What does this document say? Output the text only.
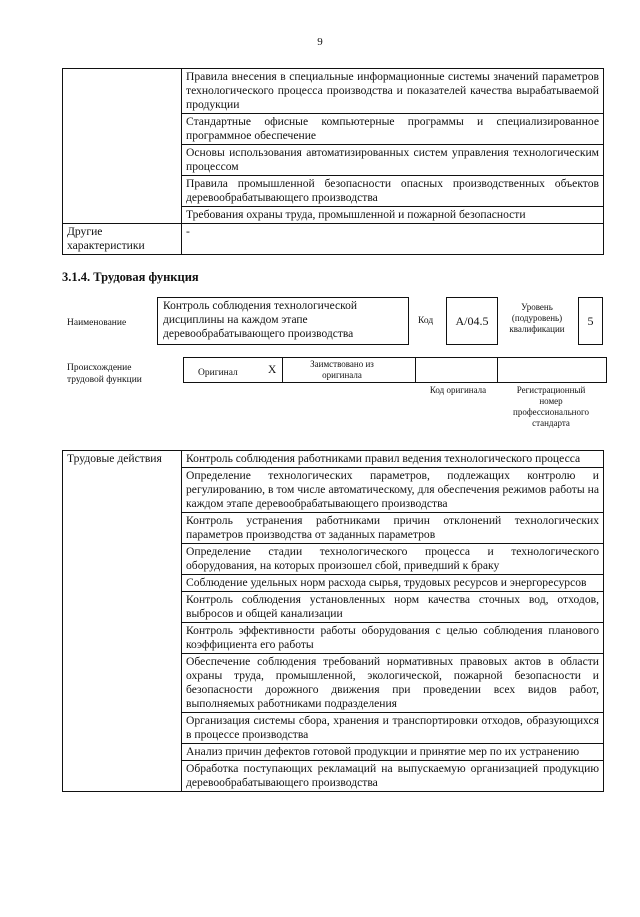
9
	Правила внесения в специальные информационные системы значений параметров технологического процесса производства и показателей качества вырабатываемой продукции
	Стандартные офисные компьютерные программы и специализированное программное обеспечение
	Основы использования автоматизированных систем управления технологическим процессом
	Правила промышленной безопасности опасных производственных объектов деревообрабатывающего производства
	Требования охраны труда, промышленной и пожарной безопасности
Другие характеристики	-
3.1.4. Трудовая функция
Наименование
Контроль соблюдения технологической дисциплины на каждом этапе деревообрабатывающего производства
Код	А/04.5
Уровень (подуровень) квалификации
5
Происхождение трудовой функции
Оригинал	Х	Заимствовано из оригинала
Код оригинала	Регистрационный номер профессионального стандарта
Трудовые действия	Контроль соблюдения работниками правил ведения технологического процесса
Определение технологических параметров, подлежащих контролю и регулированию, в том числе автоматическому, для обеспечения режимов работы на каждом этапе деревообрабатывающего производства
Контроль устранения работниками причин отклонений технологических параметров производства от заданных параметров
Определение стадии технологического процесса и технологического оборудования, на которых произошел сбой, приведший к браку
Соблюдение удельных норм расхода сырья, трудовых ресурсов и энергоресурсов
Контроль соблюдения установленных норм качества сточных вод, отходов, выбросов и общей канализации
Контроль эффективности работы оборудования с целью соблюдения планового коэффициента его работы
Обеспечение соблюдения требований нормативных правовых актов в области охраны труда, промышленной, экологической, пожарной безопасности и безопасности дорожного движения при проведении всех видов работ, выполняемых работниками подразделения
Организация системы сбора, хранения и транспортировки отходов, образующихся в процессе производства
Анализ причин дефектов готовой продукции и принятие мер по их устранению
Обработка поступающих рекламаций на выпускаемую организацией продукцию деревообрабатывающего производства
